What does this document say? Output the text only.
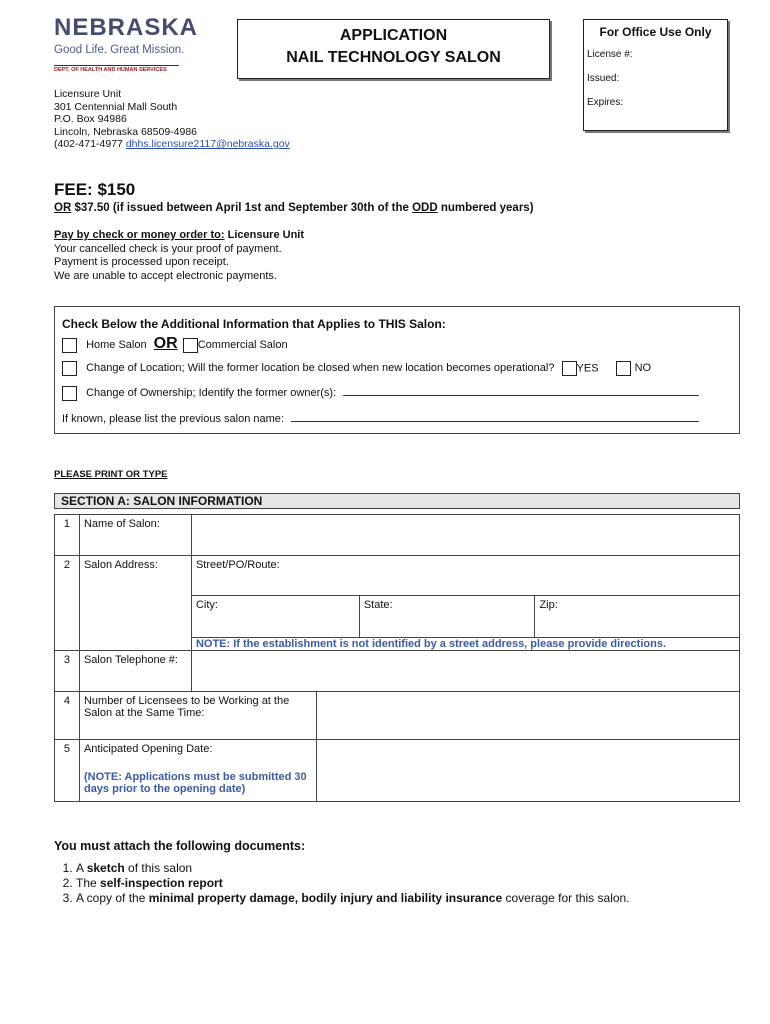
NEBRASKA
Good Life. Great Mission.
DEPT. OF HEALTH AND HUMAN SERVICES
APPLICATION
NAIL TECHNOLOGY SALON
For Office Use Only
License #:
Issued:
Expires:
Licensure Unit
301 Centennial Mall South
P.O. Box 94986
Lincoln, Nebraska 68509-4986
(402-471-4977 dhhs.licensure2117@nebraska.gov
FEE: $150
OR $37.50 (if issued between April 1st and September 30th of the ODD numbered years)
Pay by check or money order to: Licensure Unit
Your cancelled check is your proof of payment.
Payment is processed upon receipt.
We are unable to accept electronic payments.
Check Below the Additional Information that Applies to THIS Salon:
Home Salon OR Commercial Salon
Change of Location; Will the former location be closed when new location becomes operational? YES	NO
Change of Ownership; Identify the former owner(s):
If known, please list the previous salon name:
PLEASE PRINT OR TYPE
SECTION A: SALON INFORMATION
1	Name of Salon:				
2	Salon Address:	Street/PO/Route:			
		City:		State:	Zip:
		NOTE: If the establishment is not identified by a street address, please provide directions.			
3	Salon Telephone #:				
4	Number of Licensees to be Working at the Salon at the Same Time:				
5	Anticipated Opening Date:
(NOTE: Applications must be submitted 30 days prior to the opening date)				

You must attach the following documents:
1. A sketch of this salon
2. The self-inspection report
3. A copy of the minimal property damage, bodily injury and liability insurance coverage for this salon.
